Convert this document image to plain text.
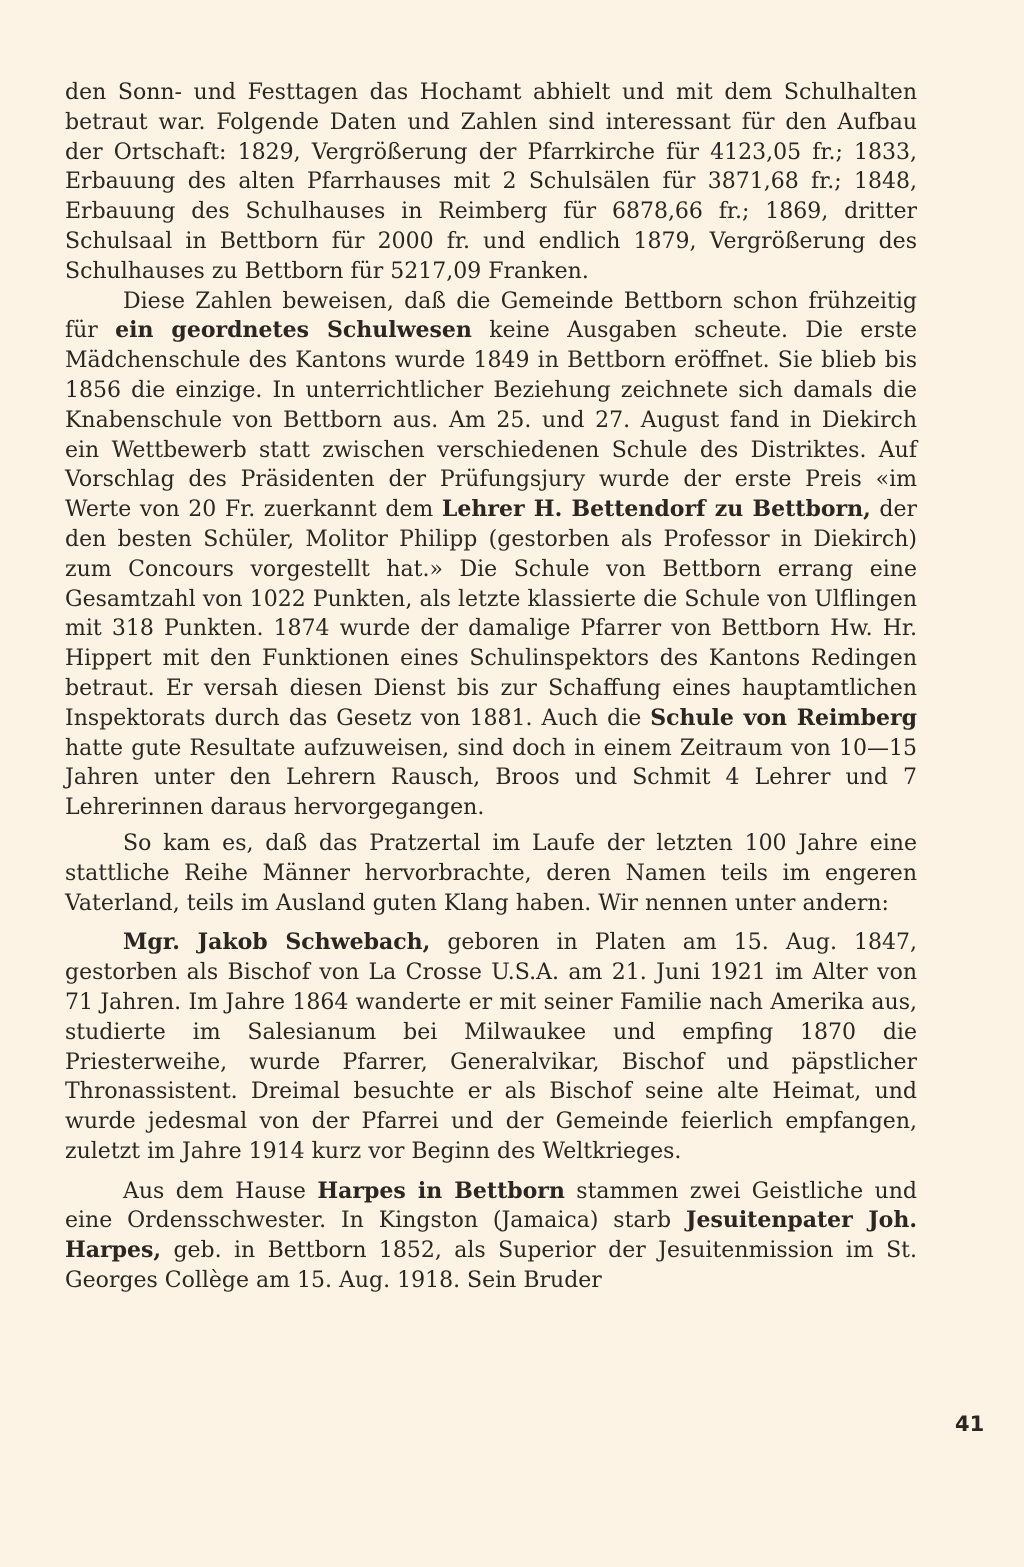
den Sonn- und Festtagen das Hochamt abhielt und mit dem Schulhalten betraut war. Folgende Daten und Zahlen sind interessant für den Aufbau der Ortschaft: 1829, Vergrößerung der Pfarrkirche für 4123,05 fr.; 1833, Erbauung des alten Pfarrhauses mit 2 Schulsälen für 3871,68 fr.; 1848, Erbauung des Schulhauses in Reimberg für 6878,66 fr.; 1869, dritter Schulsaal in Bettborn für 2000 fr. und endlich 1879, Vergrößerung des Schulhauses zu Bettborn für 5217,09 Franken.

Diese Zahlen beweisen, daß die Gemeinde Bettborn schon frühzeitig für ein geordnetes Schulwesen keine Ausgaben scheute. Die erste Mädchenschule des Kantons wurde 1849 in Bettborn eröffnet. Sie blieb bis 1856 die einzige. In unterrichtlicher Beziehung zeichnete sich damals die Knabenschule von Bettborn aus. Am 25. und 27. August fand in Diekirch ein Wettbewerb statt zwischen verschiedenen Schule des Distriktes. Auf Vorschlag des Präsidenten der Prüfungsjury wurde der erste Preis «im Werte von 20 Fr. zuerkannt dem Lehrer H. Bettendorf zu Bettborn, der den besten Schüler, Molitor Philipp (gestorben als Professor in Diekirch) zum Concours vorgestellt hat.» Die Schule von Bettborn errang eine Gesamtzahl von 1022 Punkten, als letzte klassierte die Schule von Ulflingen mit 318 Punkten. 1874 wurde der damalige Pfarrer von Bettborn Hw. Hr. Hippert mit den Funktionen eines Schulinspektors des Kantons Redingen betraut. Er versah diesen Dienst bis zur Schaffung eines hauptamtlichen Inspektorats durch das Gesetz von 1881. Auch die Schule von Reimberg hatte gute Resultate aufzuweisen, sind doch in einem Zeitraum von 10—15 Jahren unter den Lehrern Rausch, Broos und Schmit 4 Lehrer und 7 Lehrerinnen daraus hervorgegangen.

So kam es, daß das Pratzertal im Laufe der letzten 100 Jahre eine stattliche Reihe Männer hervorbrachte, deren Namen teils im engeren Vaterland, teils im Ausland guten Klang haben. Wir nennen unter andern:

Mgr. Jakob Schwebach, geboren in Platen am 15. Aug. 1847, gestorben als Bischof von La Crosse U.S.A. am 21. Juni 1921 im Alter von 71 Jahren. Im Jahre 1864 wanderte er mit seiner Familie nach Amerika aus, studierte im Salesianum bei Milwaukee und empfing 1870 die Priesterweihe, wurde Pfarrer, Generalvikar, Bischof und päpstlicher Thronassistent. Dreimal besuchte er als Bischof seine alte Heimat, und wurde jedesmal von der Pfarrei und der Gemeinde feierlich empfangen, zuletzt im Jahre 1914 kurz vor Beginn des Weltkrieges.

Aus dem Hause Harpes in Bettborn stammen zwei Geistliche und eine Ordensschwester. In Kingston (Jamaica) starb Jesuitenpater Joh. Harpes, geb. in Bettborn 1852, als Superior der Jesuitenmission im St. Georges Collège am 15. Aug. 1918. Sein Bruder

41
